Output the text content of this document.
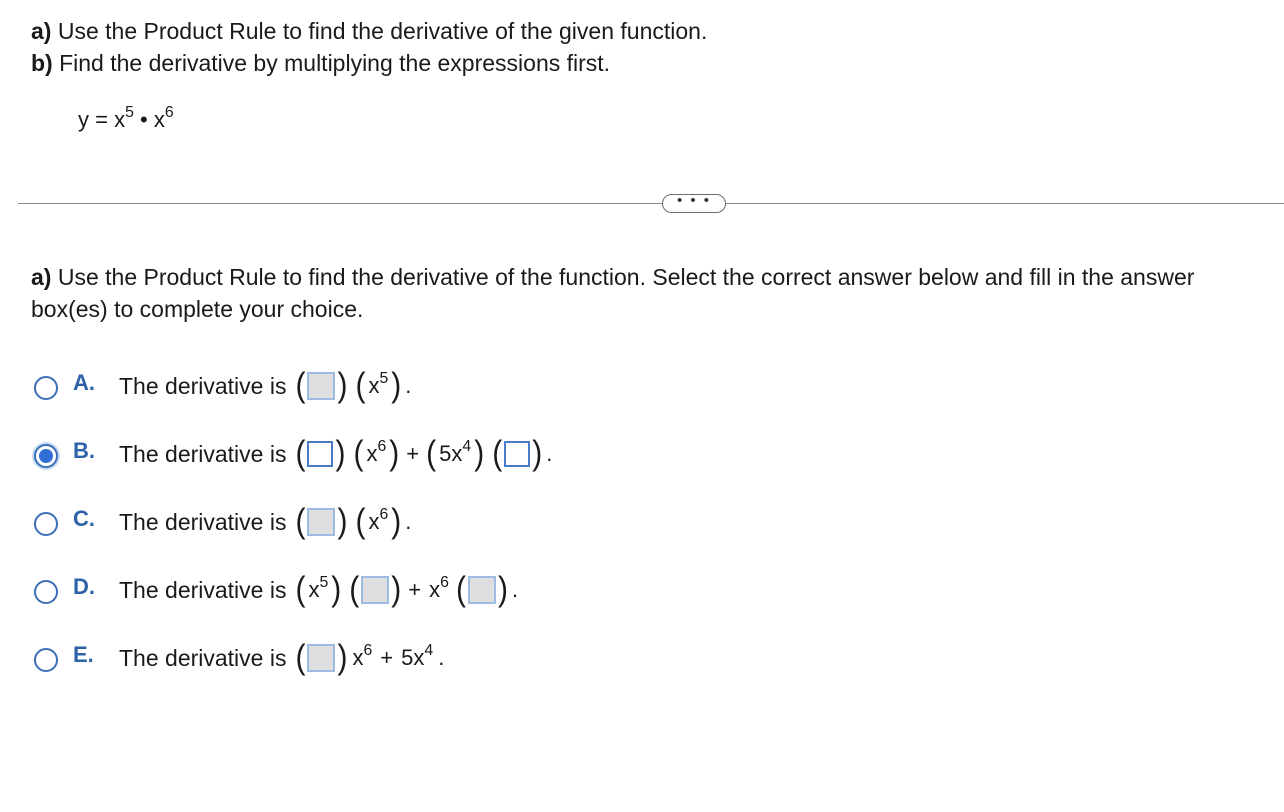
a) Use the Product Rule to find the derivative of the given function.
b) Find the derivative by multiplying the expressions first.
$y = x^5$ • $x^6$
• • •
a) Use the Product Rule to find the derivative of the function. Select the correct answer below and fill in the answer box(es) to complete your choice.
A. The derivative is ( ) ( $x^5$ ) .
B. The derivative is ( ) ( $x^6$ ) + ( $5x^4$ ) ( ) .
C. The derivative is ( ) ( $x^6$ ) .
D. The derivative is ( $x^5$ ) ( ) + $x^6$ ( ) .
E. The derivative is ( ) $x^6 + 5x^4$ .
